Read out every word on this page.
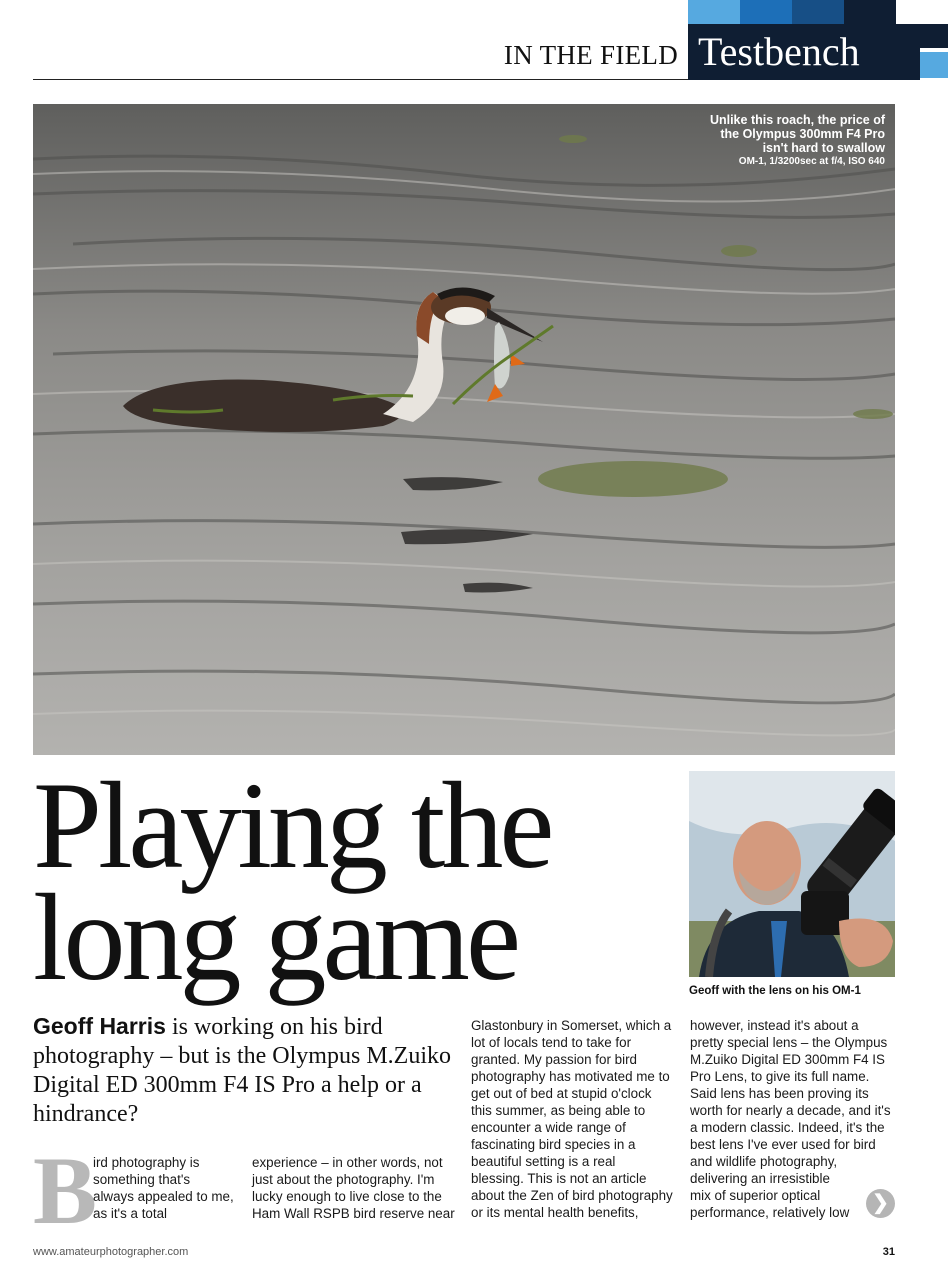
IN THE FIELD Testbench
Unlike this roach, the price of
the Olympus 300mm F4 Pro
isn't hard to swallow
OM-1, 1/3200sec at f/4, ISO 640
Playing the
long game	Geoff with the lens on his OM-1
Geoff Harris is working on his bird photography – but is the Olympus M.Zuiko Digital ED 300mm F4 IS Pro a help or a hindrance?
B

ird photography is

something that's

always appealed to me,

as it's a total

experience – in other words, not

just about the photography. I'm

lucky enough to live close to the

Ham Wall RSPB bird reserve near

Glastonbury in Somerset, which a

lot of locals tend to take for

granted. My passion for bird

photography has motivated me to

get out of bed at stupid o'clock

this summer, as being able to

encounter a wide range of

fascinating bird species in a

beautiful setting is a real

blessing. This is not an article

about the Zen of bird photography

or its mental health benefits,

however, instead it's about a

pretty special lens – the Olympus

M.Zuiko Digital ED 300mm F4 IS

Pro Lens, to give its full name.

Said lens has been proving its

worth for nearly a decade, and it's

a modern classic. Indeed, it's the

best lens I've ever used for bird

and wildlife photography,

delivering an irresistible

mix of superior optical

performance, relatively low	❯
www.amateurphotographer.com	31
